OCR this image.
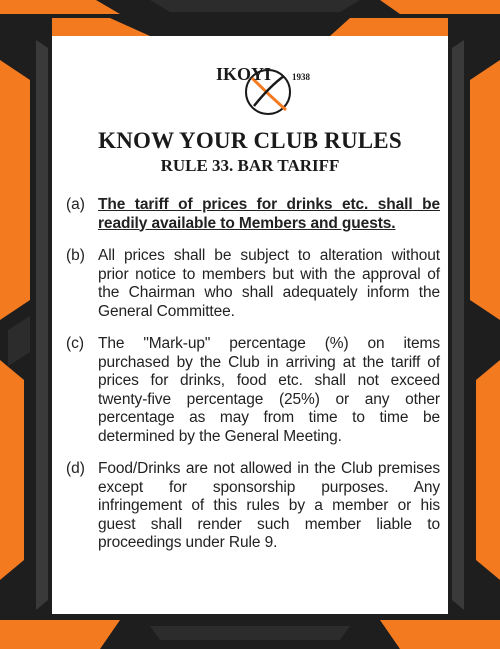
IKOYI 1938
KNOW YOUR CLUB RULES
RULE 33. BAR TARIFF
(a) The tariff of prices for drinks etc. shall be readily available to Members and guests.
(b) All prices shall be subject to alteration without prior notice to members but with the approval of the Chairman who shall adequately inform the General Committee.
(c) The "Mark-up" percentage (%) on items purchased by the Club in arriving at the tariff of prices for drinks, food etc. shall not exceed twenty-five percentage (25%) or any other percentage as may from time to time be determined by the General Meeting.
(d) Food/Drinks are not allowed in the Club premises except for sponsorship purposes. Any infringement of this rules by a member or his guest shall render such member liable to proceedings under Rule 9.
